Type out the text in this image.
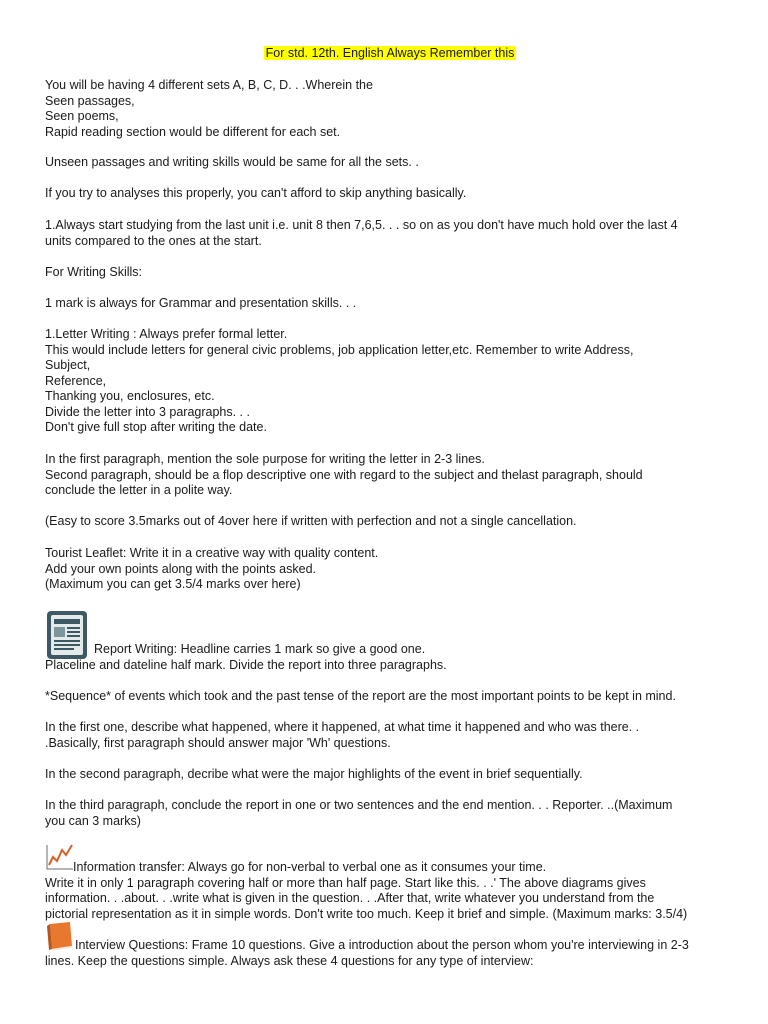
For std. 12th. English Always Remember this
You will be having 4 different sets A, B, C, D. . .Wherein the
Seen passages,
Seen poems,
Rapid reading section would be different for each set.
Unseen passages and writing skills would be same for all the sets. .
If you try to analyses this properly, you can't afford to skip anything basically.
1.Always start studying from the last unit i.e. unit 8 then 7,6,5. . . so on as you don't have much hold over the last 4
units compared to the ones at the start.
For Writing Skills:
1 mark is always for Grammar and presentation skills. . .
1.Letter Writing : Always prefer formal letter.
This would include letters for general civic problems, job application letter,etc. Remember to write Address,
Subject,
Reference,
Thanking you, enclosures, etc.
Divide the letter into 3 paragraphs. . .
Don't give full stop after writing the date.
In the first paragraph, mention the sole purpose for writing the letter in 2-3 lines.
Second paragraph, should be a flop descriptive one with regard to the subject and thelast paragraph, should
conclude the letter in a polite way.
(Easy to score 3.5marks out of 4over here if written with perfection and not a single cancellation.
Tourist Leaflet: Write it in a creative way with quality content.
Add your own points along with the points asked.
(Maximum you can get 3.5/4 marks over here)
Report Writing: Headline carries 1 mark so give a good one.
Placeline and dateline half mark. Divide the report into three paragraphs.
*Sequence* of events which took and the past tense of the report are the most important points to be kept in mind.
In the first one, describe what happened, where it happened, at what time it happened and who was there. .
.Basically, first paragraph should answer major 'Wh' questions.
In the second paragraph, decribe what were the major highlights of the event in brief sequentially.
In the third paragraph, conclude the report in one or two sentences and the end mention. . . Reporter. ..(Maximum
you can 3 marks)
Information transfer: Always go for non-verbal to verbal one as it consumes your time.
Write it in only 1 paragraph covering half or more than half page. Start like this. . .' The above diagrams gives
information. . .about. . .write what is given in the question. . .After that, write whatever you understand from the
pictorial representation as it in simple words. Don't write too much. Keep it brief and simple. (Maximum marks: 3.5/4)
Interview Questions: Frame 10 questions. Give a introduction about the person whom you're interviewing in 2-3
lines. Keep the questions simple. Always ask these 4 questions for any type of interview:
